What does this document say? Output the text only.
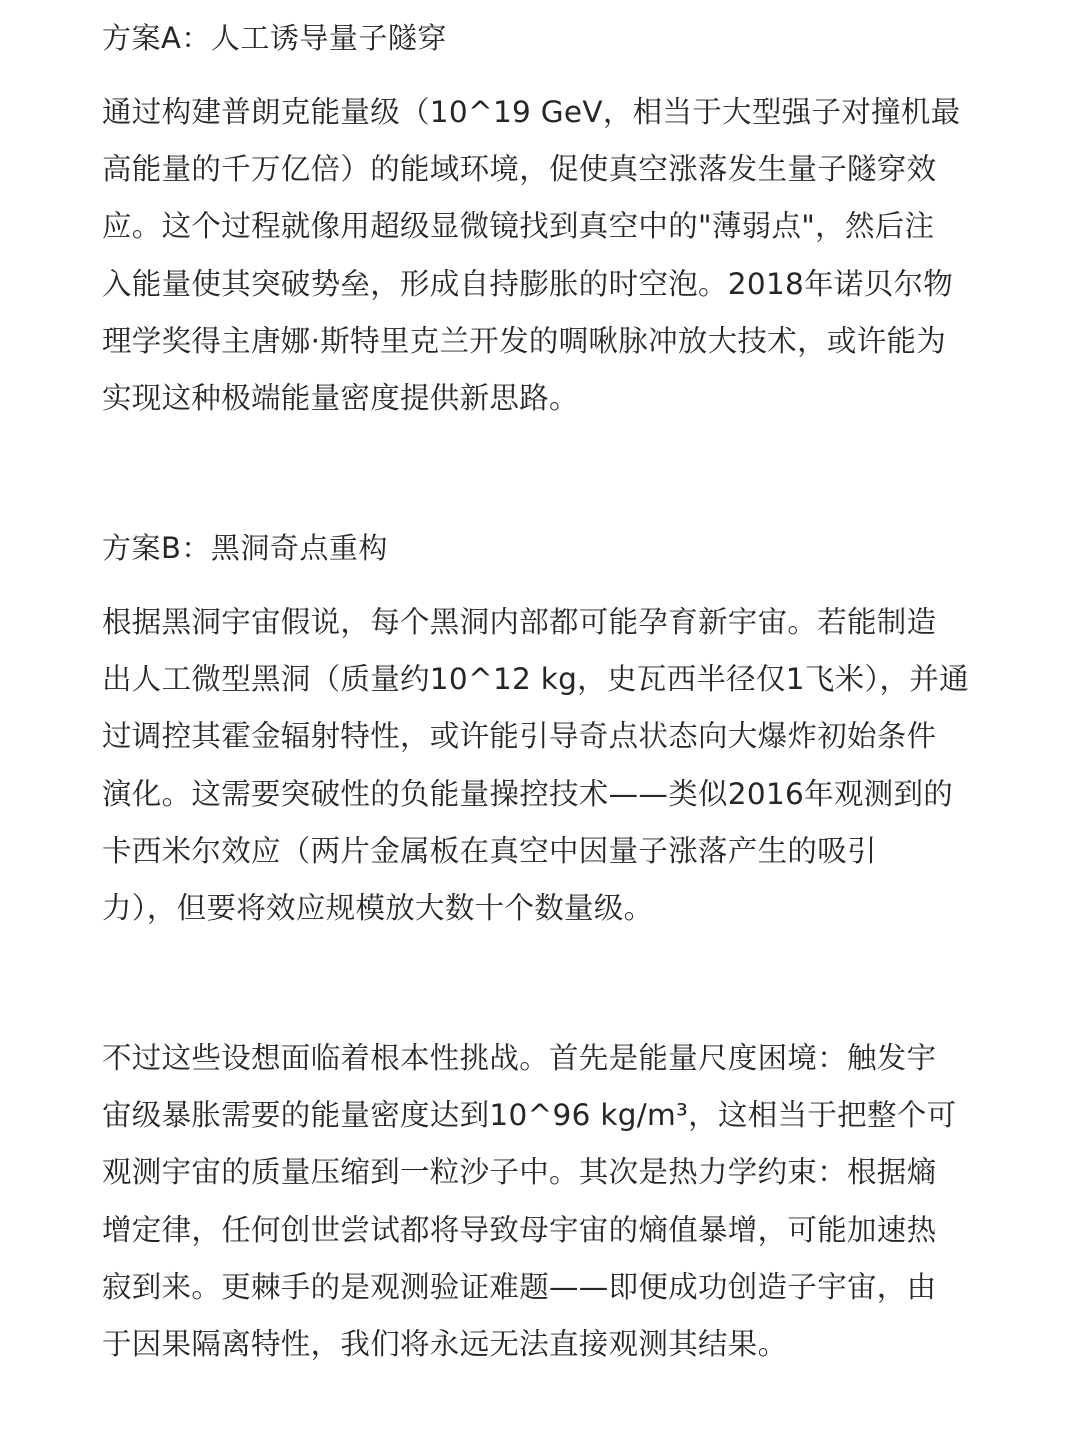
方案A：人工诱导量子隧穿

通过构建普朗克能量级（10^19 GeV，相当于大型强子对撞机最
高能量的千万亿倍）的能域环境，促使真空涨落发生量子隧穿效
应。这个过程就像用超级显微镜找到真空中的"薄弱点"，然后注
入能量使其突破势垒，形成自持膨胀的时空泡。2018年诺贝尔物
理学奖得主唐娜·斯特里克兰开发的啁啾脉冲放大技术，或许能为
实现这种极端能量密度提供新思路。

方案B：黑洞奇点重构

根据黑洞宇宙假说，每个黑洞内部都可能孕育新宇宙。若能制造
出人工微型黑洞（质量约10^12 kg，史瓦西半径仅1飞米），并通
过调控其霍金辐射特性，或许能引导奇点状态向大爆炸初始条件
演化。这需要突破性的负能量操控技术——类似2016年观测到的
卡西米尔效应（两片金属板在真空中因量子涨落产生的吸引
力），但要将效应规模放大数十个数量级。

不过这些设想面临着根本性挑战。首先是能量尺度困境：触发宇
宙级暴胀需要的能量密度达到10^96 kg/m³，这相当于把整个可
观测宇宙的质量压缩到一粒沙子中。其次是热力学约束：根据熵
增定律，任何创世尝试都将导致母宇宙的熵值暴增，可能加速热
寂到来。更棘手的是观测验证难题——即便成功创造子宇宙，由
于因果隔离特性，我们将永远无法直接观测其结果。
